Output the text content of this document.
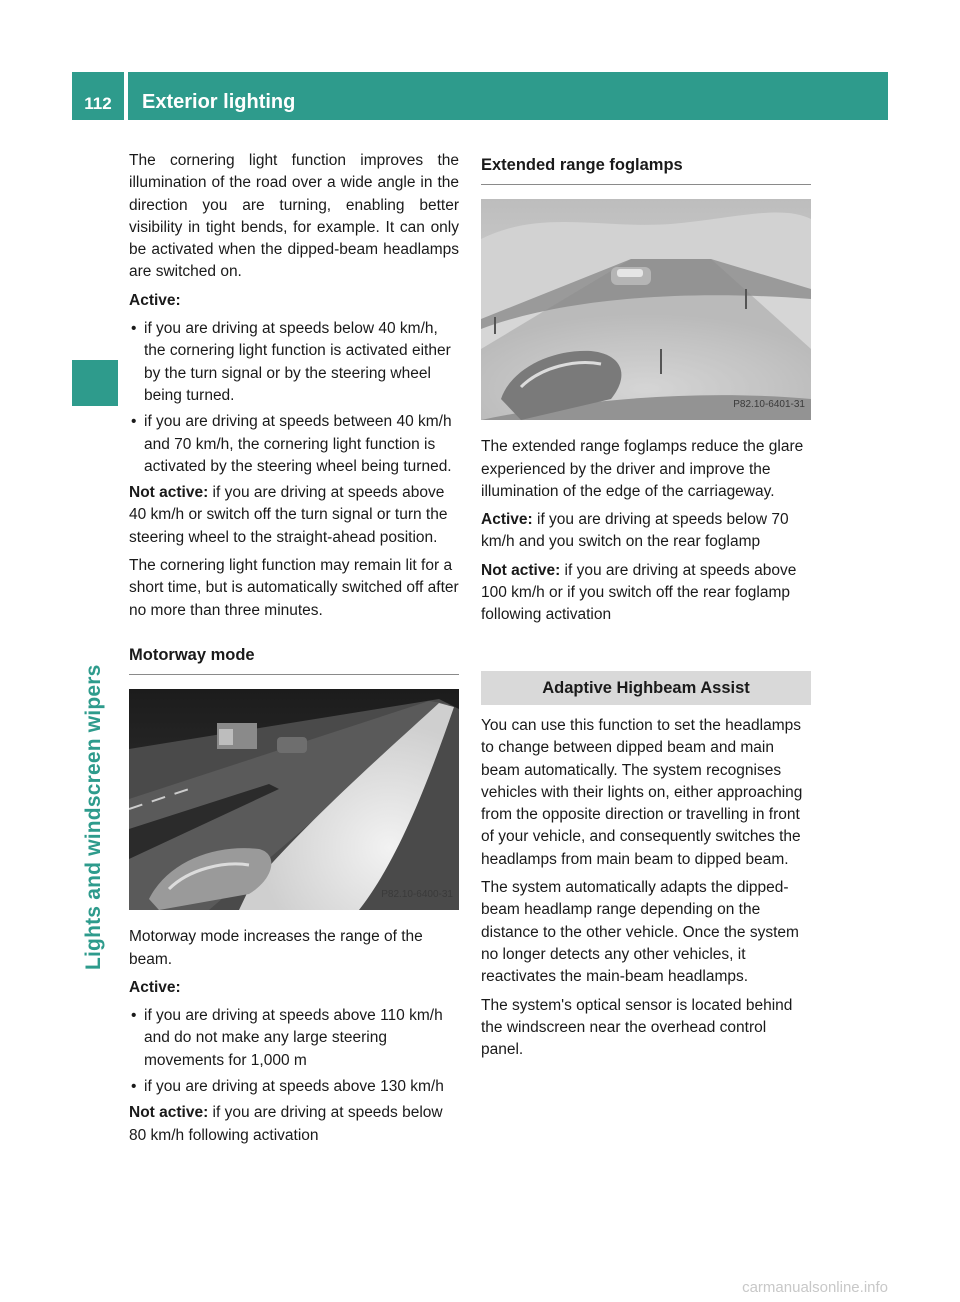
112	Exterior lighting
Lights and windscreen wipers

The cornering light function improves the illumination of the road over a wide angle in the direction you are turning, enabling better visibility in tight bends, for example. It can only be activated when the dipped-beam headlamps are switched on.

Active:

• if you are driving at speeds below 40 km/h, the cornering light function is activated either by the turn signal or by the steering wheel being turned.
• if you are driving at speeds between 40 km/h and 70 km/h, the cornering light function is activated by the steering wheel being turned.

Not active: if you are driving at speeds above 40 km/h or switch off the turn signal or turn the steering wheel to the straight-ahead position.

The cornering light function may remain lit for a short time, but is automatically switched off after no more than three minutes.

Motorway mode
P82.10-6400-31

Motorway mode increases the range of the beam.

Active:

• if you are driving at speeds above 110 km/h and do not make any large steering movements for 1,000 m
• if you are driving at speeds above 130 km/h

Not active: if you are driving at speeds below 80 km/h following activation

Extended range foglamps
P82.10-6401-31

The extended range foglamps reduce the glare experienced by the driver and improve the illumination of the edge of the carriageway.

Active: if you are driving at speeds below 70 km/h and you switch on the rear foglamp

Not active: if you are driving at speeds above 100 km/h or if you switch off the rear foglamp following activation

Adaptive Highbeam Assist

You can use this function to set the headlamps to change between dipped beam and main beam automatically. The system recognises vehicles with their lights on, either approaching from the opposite direction or travelling in front of your vehicle, and consequently switches the headlamps from main beam to dipped beam.

The system automatically adapts the dipped-beam headlamp range depending on the distance to the other vehicle. Once the system no longer detects any other vehicles, it reactivates the main-beam headlamps.

The system's optical sensor is located behind the windscreen near the overhead control panel.

carmanualsonline.info
